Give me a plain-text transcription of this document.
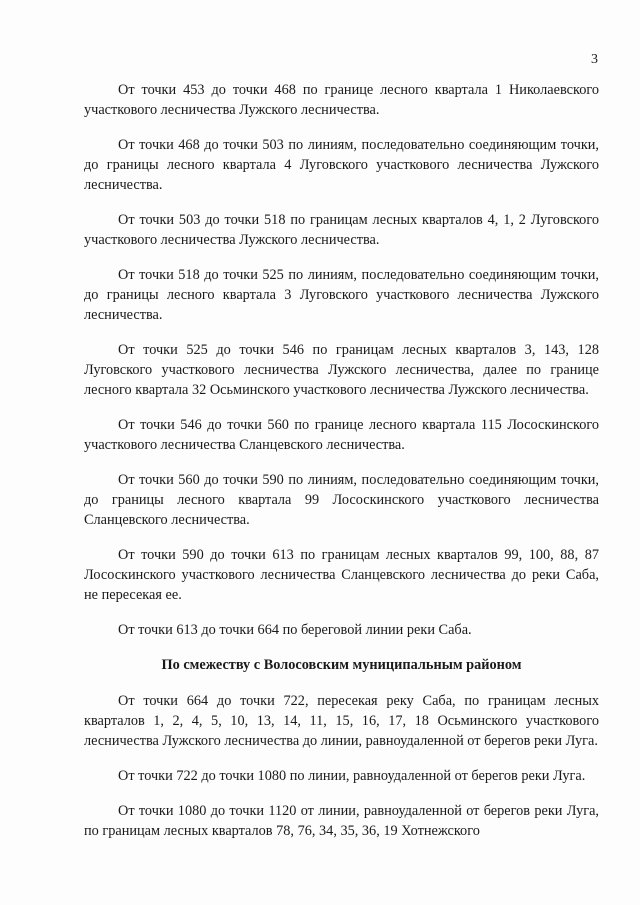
3

От точки 453 до точки 468 по границе лесного квартала 1 Николаевского участкового лесничества Лужского лесничества.

От точки 468 до точки 503 по линиям, последовательно соединяющим точки, до границы лесного квартала 4 Луговского участкового лесничества Лужского лесничества.

От точки 503 до точки 518 по границам лесных кварталов 4, 1, 2 Луговского участкового лесничества Лужского лесничества.

От точки 518 до точки 525 по линиям, последовательно соединяющим точки, до границы лесного квартала 3 Луговского участкового лесничества Лужского лесничества.

От точки 525 до точки 546 по границам лесных кварталов 3, 143, 128 Луговского участкового лесничества Лужского лесничества, далее по границе лесного квартала 32 Осьминского участкового лесничества Лужского лесничества.

От точки 546 до точки 560 по границе лесного квартала 115 Лососкинского участкового лесничества Сланцевского лесничества.

От точки 560 до точки 590 по линиям, последовательно соединяющим точки, до границы лесного квартала 99 Лососкинского участкового лесничества Сланцевского лесничества.

От точки 590 до точки 613 по границам лесных кварталов 99, 100, 88, 87 Лососкинского участкового лесничества Сланцевского лесничества до реки Саба, не пересекая ее.

От точки 613 до точки 664 по береговой линии реки Саба.

По смежеству с Волосовским муниципальным районом

От точки 664 до точки 722, пересекая реку Саба, по границам лесных кварталов 1, 2, 4, 5, 10, 13, 14, 11, 15, 16, 17, 18 Осьминского участкового лесничества Лужского лесничества до линии, равноудаленной от берегов реки Луга.

От точки 722 до точки 1080 по линии, равноудаленной от берегов реки Луга.

От точки 1080 до точки 1120 от линии, равноудаленной от берегов реки Луга, по границам лесных кварталов 78, 76, 34, 35, 36, 19 Хотнежского
